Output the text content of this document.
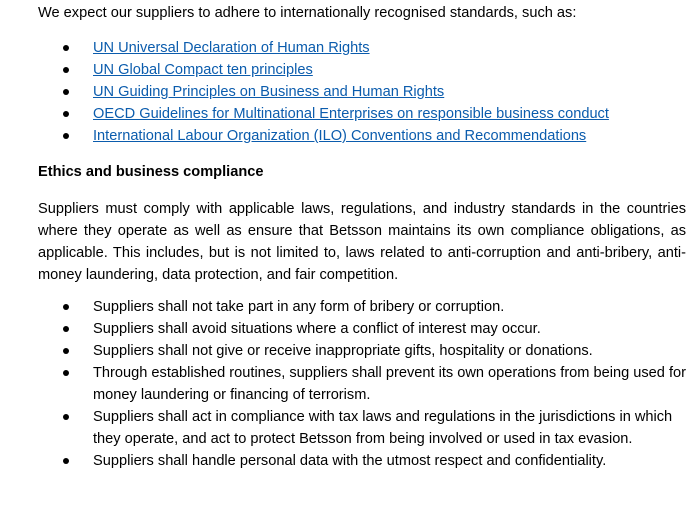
We expect our suppliers to adhere to internationally recognised standards, such as:

UN Universal Declaration of Human Rights
UN Global Compact ten principles
UN Guiding Principles on Business and Human Rights
OECD Guidelines for Multinational Enterprises on responsible business conduct
International Labour Organization (ILO) Conventions and Recommendations

Ethics and business compliance

Suppliers must comply with applicable laws, regulations, and industry standards in the countries where they operate as well as ensure that Betsson maintains its own compliance obligations, as applicable. This includes, but is not limited to, laws related to anti-corruption and anti-bribery, anti-money laundering, data protection, and fair competition.

Suppliers shall not take part in any form of bribery or corruption.
Suppliers shall avoid situations where a conflict of interest may occur.
Suppliers shall not give or receive inappropriate gifts, hospitality or donations.
Through established routines, suppliers shall prevent its own operations from being used for money laundering or financing of terrorism.
Suppliers shall act in compliance with tax laws and regulations in the jurisdictions in which they operate, and act to protect Betsson from being involved or used in tax evasion.
Suppliers shall handle personal data with the utmost respect and confidentiality.
